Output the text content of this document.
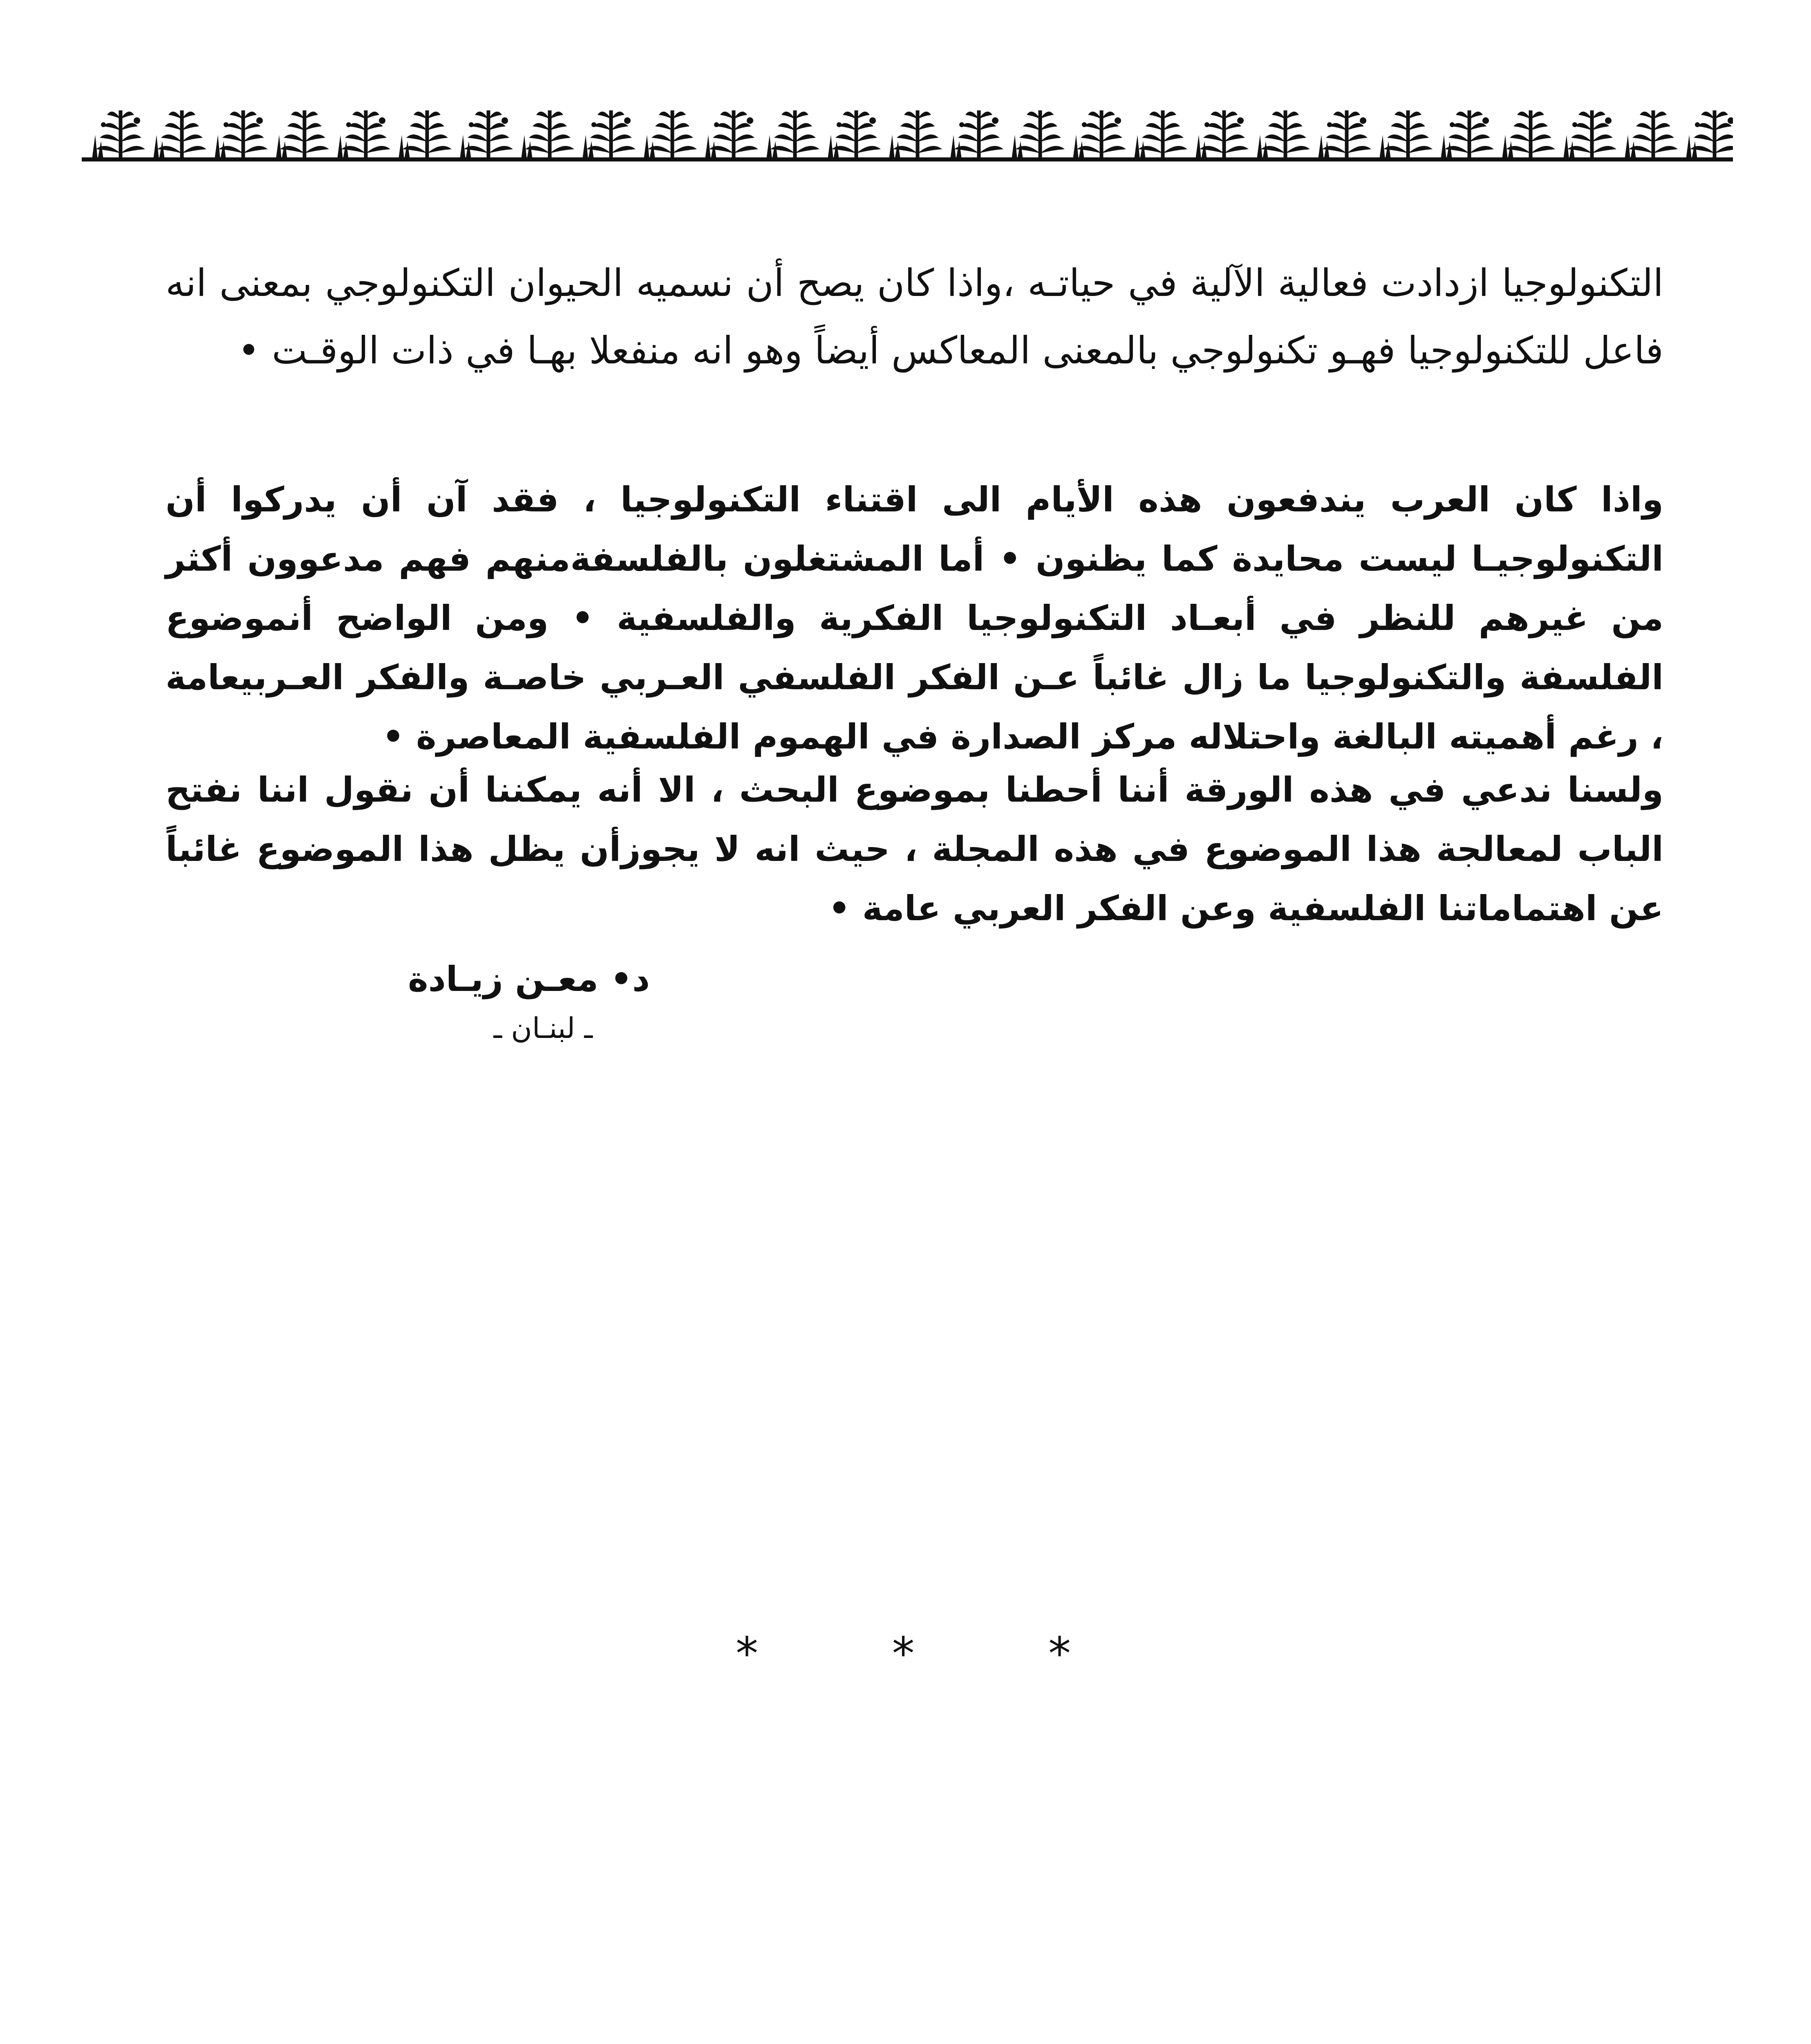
التكنولوجيا ازدادت فعالية الآلية في حياتـه ،واذا كان يصح أن نسميه الحيوان التكنولوجي بمعنى انه فاعل للتكنولوجيا فهـو تكنولوجي بالمعنى المعاكس أيضاً وهو انه منفعلا بهـا في ذات الوقـت •

واذا كان العرب يندفعون هذه الأيام الى اقتناء التكنولوجيا ، فقد آن أن يدركوا أن التكنولوجيـا ليست محايدة كما يظنون • أما المشتغلون بالفلسفةمنهم فهم مدعوون أكثر من غيرهم للنظر في أبعـاد التكنولوجيا الفكرية والفلسفية • ومن الواضح أنموضوع الفلسفة والتكنولوجيا ما زال غائباً عـن الفكر الفلسفي العـربي خاصـة والفكر العـربيعامة ، رغم أهميته البالغة واحتلاله مركز الصدارة في الهموم الفلسفية المعاصرة •

ولسنا ندعي في هذه الورقة أننا أحطنا بموضوع البحث ، الا أنه يمكننا أن نقول اننا نفتح الباب لمعالجة هذا الموضوع في هذه المجلة ، حيث انه لا يجوزأن يظل هذا الموضوع غائباً عن اهتماماتنا الفلسفية وعن الفكر العربي عامة •

د• معـن زيـادة
ـ لبنـان ـ
*	*	*
